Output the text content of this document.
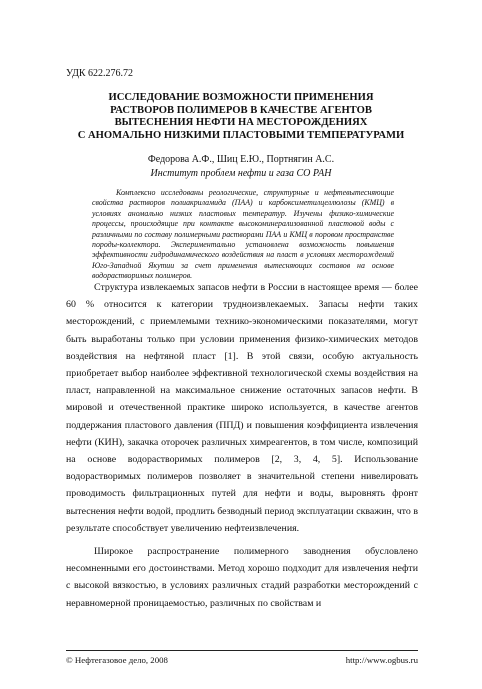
УДК 622.276.72
ИССЛЕДОВАНИЕ ВОЗМОЖНОСТИ ПРИМЕНЕНИЯ
РАСТВОРОВ ПОЛИМЕРОВ В КАЧЕСТВЕ АГЕНТОВ
ВЫТЕСНЕНИЯ НЕФТИ НА МЕСТОРОЖДЕНИЯХ
С АНОМАЛЬНО НИЗКИМИ ПЛАСТОВЫМИ ТЕМПЕРАТУРАМИ
Федорова А.Ф., Шиц Е.Ю., Портнягин А.С.
Институт проблем нефти и газа СО РАН

Комплексно исследованы реологические, структурные и нефтевытесняющие свойства растворов полиакриламида (ПАА) и карбоксиметилцеллюлозы (КМЦ) в условиях аномально низких пластовых температур. Изучены физико-химические процессы, происходящие при контакте высокоминерализованной пластовой воды с различными по составу полимерными растворами ПАА и КМЦ в поровом пространстве породы-коллектора. Экспериментально установлена возможность повышения эффективности гидродинамического воздействия на пласт в условиях месторождений Юго-Западной Якутии за счет применения вытесняющих составов на основе водорастворимых полимеров.

Структура извлекаемых запасов нефти в России в настоящее время — более 60 % относится к категории трудноизвлекаемых. Запасы нефти таких месторождений, с приемлемыми технико-экономическими показателями, могут быть выработаны только при условии применения физико-химических методов воздействия на нефтяной пласт [1]. В этой связи, особую актуальность приобретает выбор наиболее эффективной технологической схемы воздействия на пласт, направленной на максимальное снижение остаточных запасов нефти. В мировой и отечественной практике широко используется, в качестве агентов поддержания пластового давления (ППД) и повышения коэффициента извлечения нефти (КИН), закачка оторочек различных химреагентов, в том числе, композиций на основе водорастворимых полимеров [2, 3, 4, 5]. Использование водорастворимых полимеров позволяет в значительной степени нивелировать проводимость фильтрационных путей для нефти и воды, выровнять фронт вытеснения нефти водой, продлить безводный период эксплуатации скважин, что в результате способствует увеличению нефтеизвлечения.

Широкое распространение полимерного заводнения обусловлено несомненными его достоинствами. Метод хорошо подходит для извлечения нефти с высокой вязкостью, в условиях различных стадий разработки месторождений с неравномерной проницаемостью, различных по свойствам и

© Нефтегазовое дело, 2008	http://www.ogbus.ru
